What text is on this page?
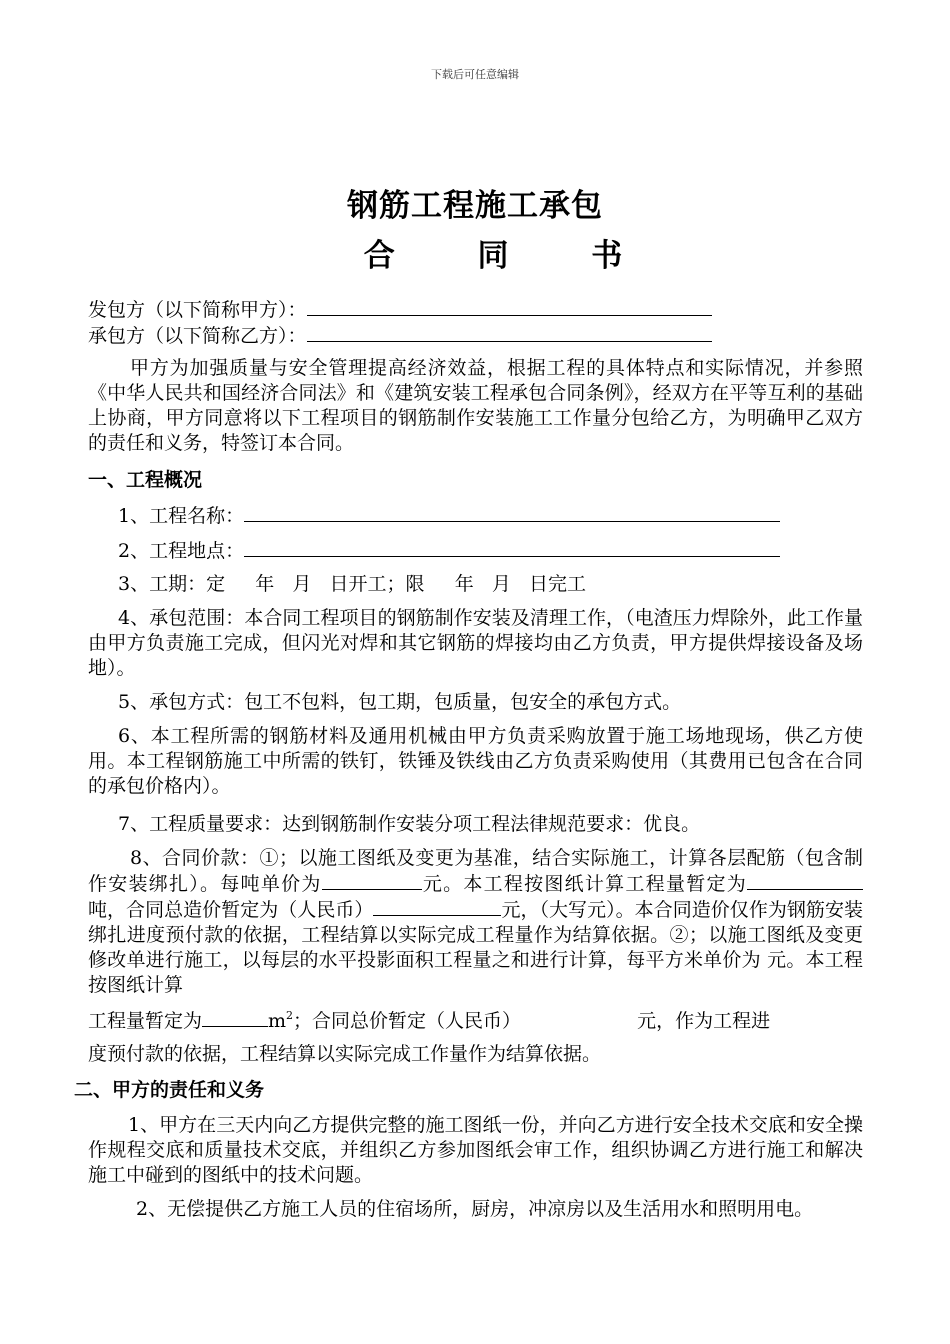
下载后可任意编辑
钢筋工程施工承包
合 同 书
发包方（以下简称甲方）：
承包方（以下简称乙方）：
甲方为加强质量与安全管理提高经济效益，根据工程的具体特点和实际情况，并参照《中华人民共和国经济合同法》和《建筑安装工程承包合同条例》，经双方在平等互利的基础上协商，甲方同意将以下工程项目的钢筋制作安装施工工作量分包给乙方，为明确甲乙双方的责任和义务，特签订本合同。
一、工程概况
1、工程名称：
2、工程地点：
3、工期：定     年   月   日开工；限     年   月   日完工
4、承包范围：本合同工程项目的钢筋制作安装及清理工作，（电渣压力焊除外，此工作量由甲方负责施工完成，但闪光对焊和其它钢筋的焊接均由乙方负责，甲方提供焊接设备及场地）。
5、承包方式：包工不包料，包工期，包质量，包安全的承包方式。
6、本工程所需的钢筋材料及通用机械由甲方负责采购放置于施工场地现场，供乙方使用。本工程钢筋施工中所需的铁钉，铁锤及铁线由乙方负责采购使用（其费用已包含在合同的承包价格内）。
7、工程质量要求：达到钢筋制作安装分项工程法律规范要求：优良。
8、合同价款：①；以施工图纸及变更为基准，结合实际施工，计算各层配筋（包含制作安装绑扎）。每吨单价为	元。本工程按图纸计算工程量暂定为吨，合同总造价暂定为（人民币）	元，（大写元）。本合同造价仅作为钢筋安装绑扎进度预付款的依据，工程结算以实际完成工程量作为结算依据。②；以施工图纸及变更修改单进行施工，以每层的水平投影面积工程量之和进行计算，每平方米单价为 元。本工程按图纸计算
工程量暂定为	$m^2$；合同总价暂定（人民币）	元，作为工程进
度预付款的依据，工程结算以实际完成工作量作为结算依据。
二、甲方的责任和义务
1、甲方在三天内向乙方提供完整的施工图纸一份，并向乙方进行安全技术交底和安全操作规程交底和质量技术交底，并组织乙方参加图纸会审工作，组织协调乙方进行施工和解决施工中碰到的图纸中的技术问题。
2、无偿提供乙方施工人员的住宿场所，厨房，冲凉房以及生活用水和照明用电。
